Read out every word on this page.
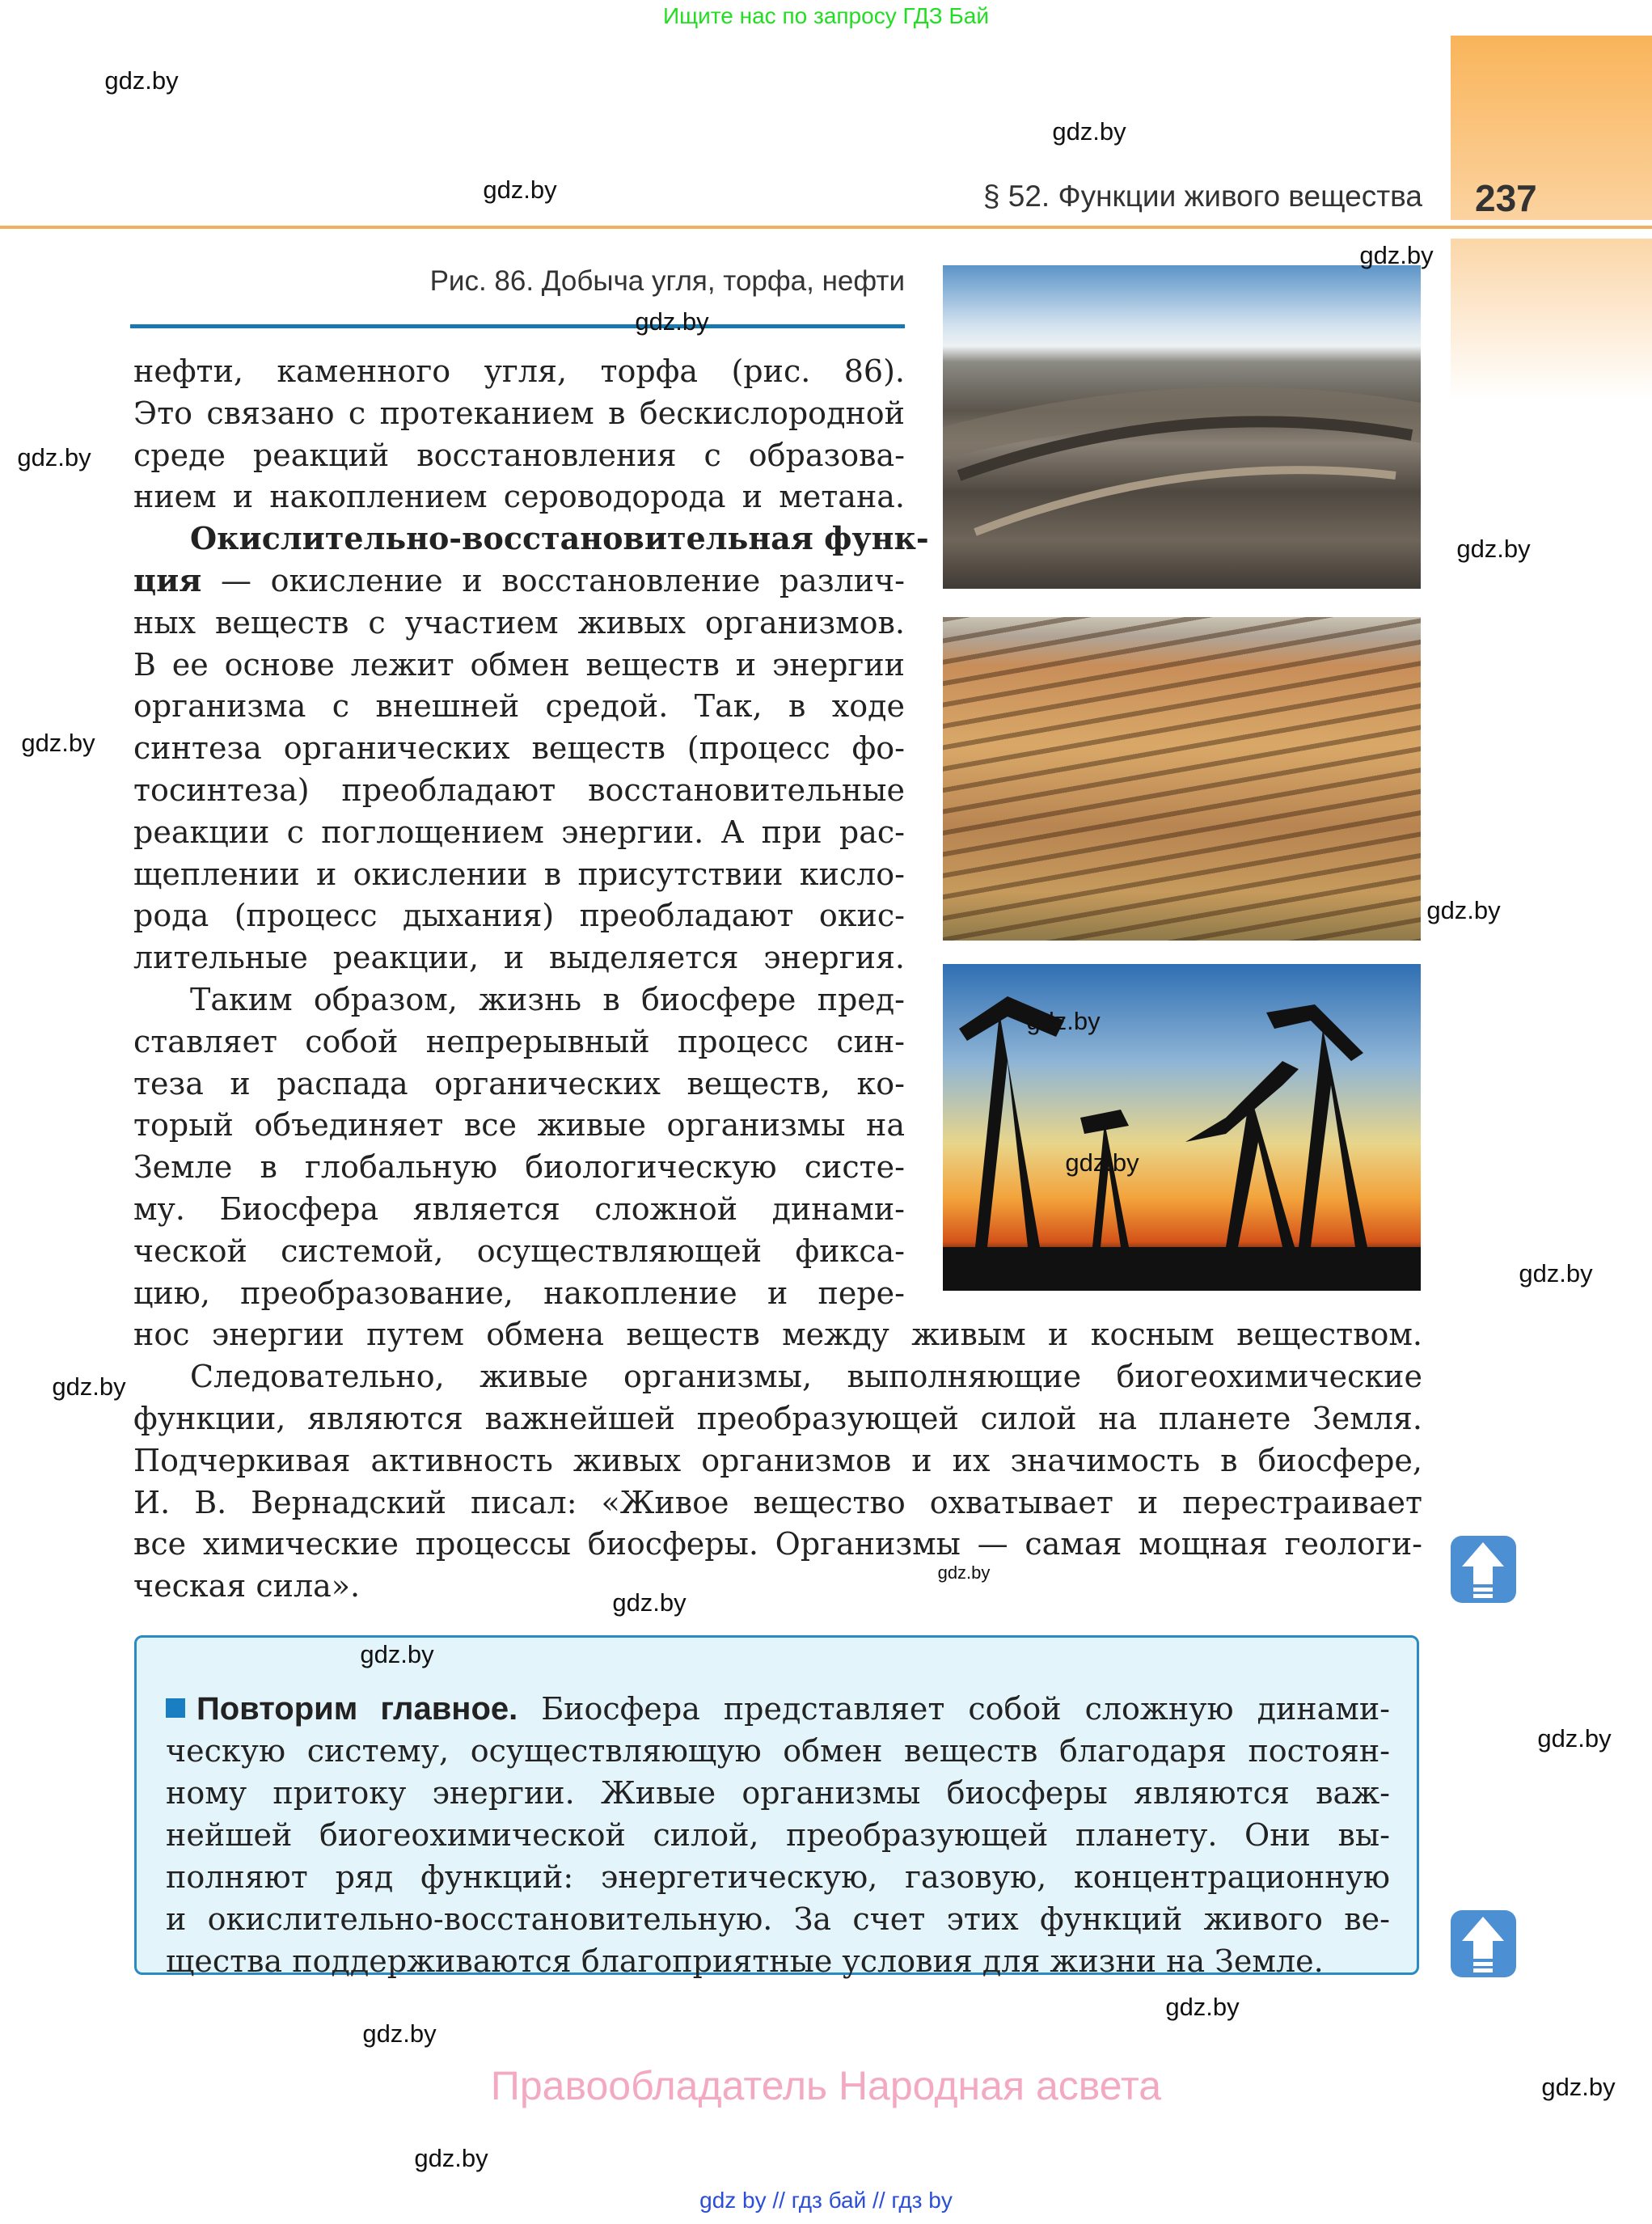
Ищите нас по запросу ГДЗ Бай
§ 52. Функции живого вещества 237
Рис. 86. Добыча угля, торфа, нефти
нефти, каменного угля, торфа (рис. 86).
Это связано с протеканием в бескислородной
среде реакций восстановления с образова-
нием и накоплением сероводорода и метана.
Окислительно-восстановительная функ-
ция — окисление и восстановление различ-
ных веществ с участием живых организмов.
В ее основе лежит обмен веществ и энергии
организма с внешней средой. Так, в ходе
синтеза органических веществ (процесс фо-
тосинтеза) преобладают восстановительные
реакции с поглощением энергии. А при рас-
щеплении и окислении в присутствии кисло-
рода (процесс дыхания) преобладают окис-
лительные реакции, и выделяется энергия.
Таким образом, жизнь в биосфере пред-
ставляет собой непрерывный процесс син-
теза и распада органических веществ, ко-
торый объединяет все живые организмы на
Земле в глобальную биологическую систе-
му. Биосфера является сложной динами-
ческой системой, осуществляющей фикса-
цию, преобразование, накопление и пере-
нос энергии путем обмена веществ между живым и косным веществом.
Следовательно, живые организмы, выполняющие биогеохимические
функции, являются важнейшей преобразующей силой на планете Земля.
Подчеркивая активность живых организмов и их значимость в биосфере,
И. В. Вернадский писал: «Живое вещество охватывает и перестраивает
все химические процессы биосферы. Организмы — самая мощная геологи-
ческая сила».
Повторим главное. Биосфера представляет собой сложную динами-
ческую систему, осуществляющую обмен веществ благодаря постоян-
ному притоку энергии. Живые организмы биосферы являются важ-
нейшей биогеохимической силой, преобразующей планету. Они вы-
полняют ряд функций: энергетическую, газовую, концентрационную
и окислительно-восстановительную. За счет этих функций живого ве-
щества поддерживаются благоприятные условия для жизни на Земле.
Правообладатель Народная асвета
gdz by // гдз бай // гдз by
gdz.by
gdz.by
gdz.by
gdz.by
gdz.by
gdz.by
gdz.by
gdz.by
gdz.by
gdz.by
gdz.by
gdz.by
gdz.by
gdz.by
gdz.by
gdz.by
gdz.by
gdz.by
gdz.by
gdz.by
gdz.by
